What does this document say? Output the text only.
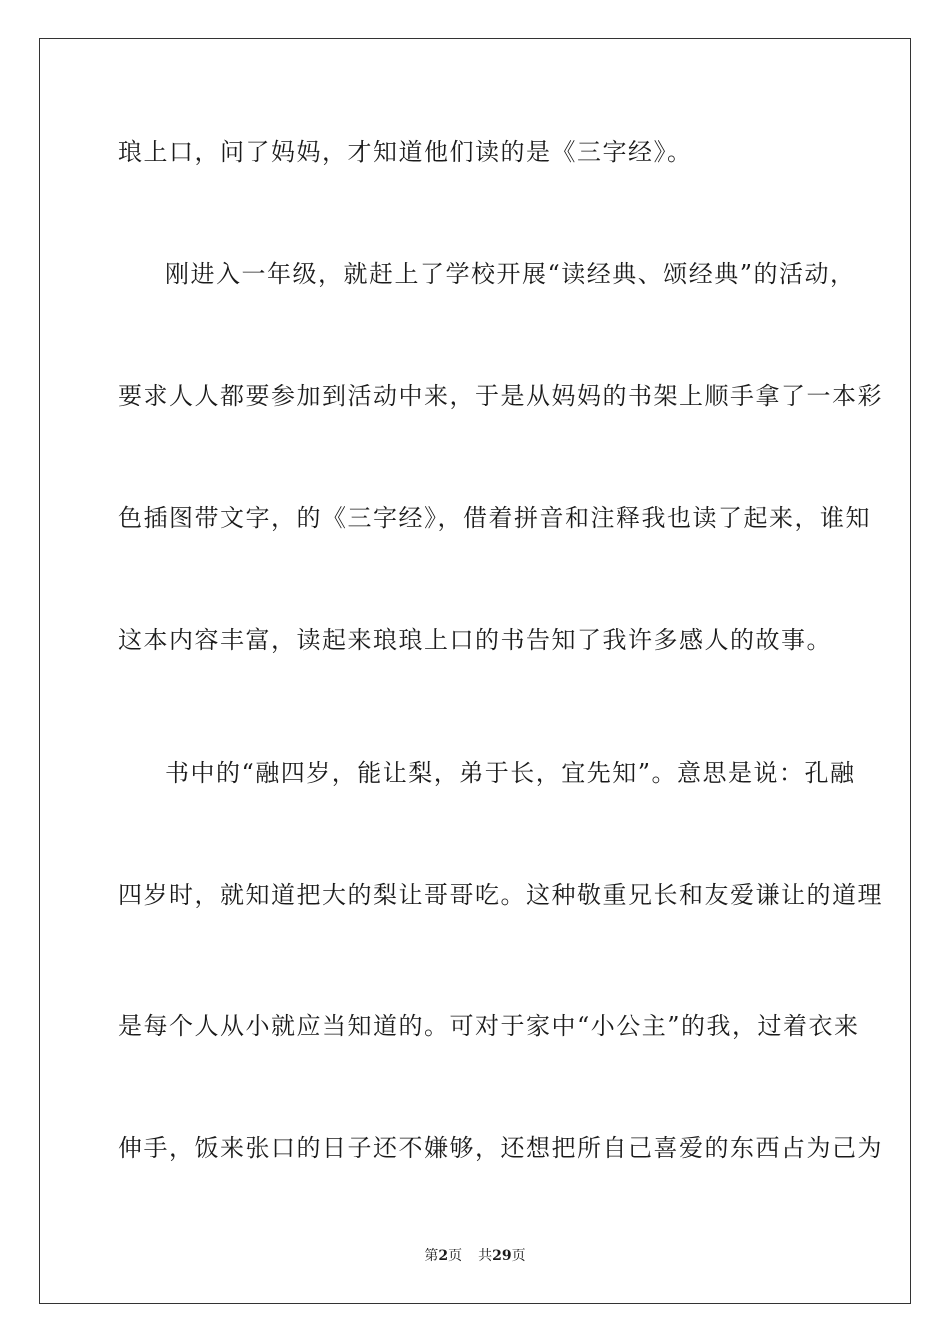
琅上口，问了妈妈，才知道他们读的是《三字经》。
刚进入一年级，就赶上了学校开展“读经典、颂经典”的活动，
要求人人都要参加到活动中来，于是从妈妈的书架上顺手拿了一本彩
色插图带文字，的《三字经》，借着拼音和注释我也读了起来，谁知
这本内容丰富，读起来琅琅上口的书告知了我许多感人的故事。
书中的“融四岁，能让梨，弟于长，宜先知”。意思是说：孔融
四岁时，就知道把大的梨让哥哥吃。这种敬重兄长和友爱谦让的道理
是每个人从小就应当知道的。可对于家中“小公主”的我，过着衣来
伸手，饭来张口的日子还不嫌够，还想把所自己喜爱的东西占为己为
第2页 共29页
